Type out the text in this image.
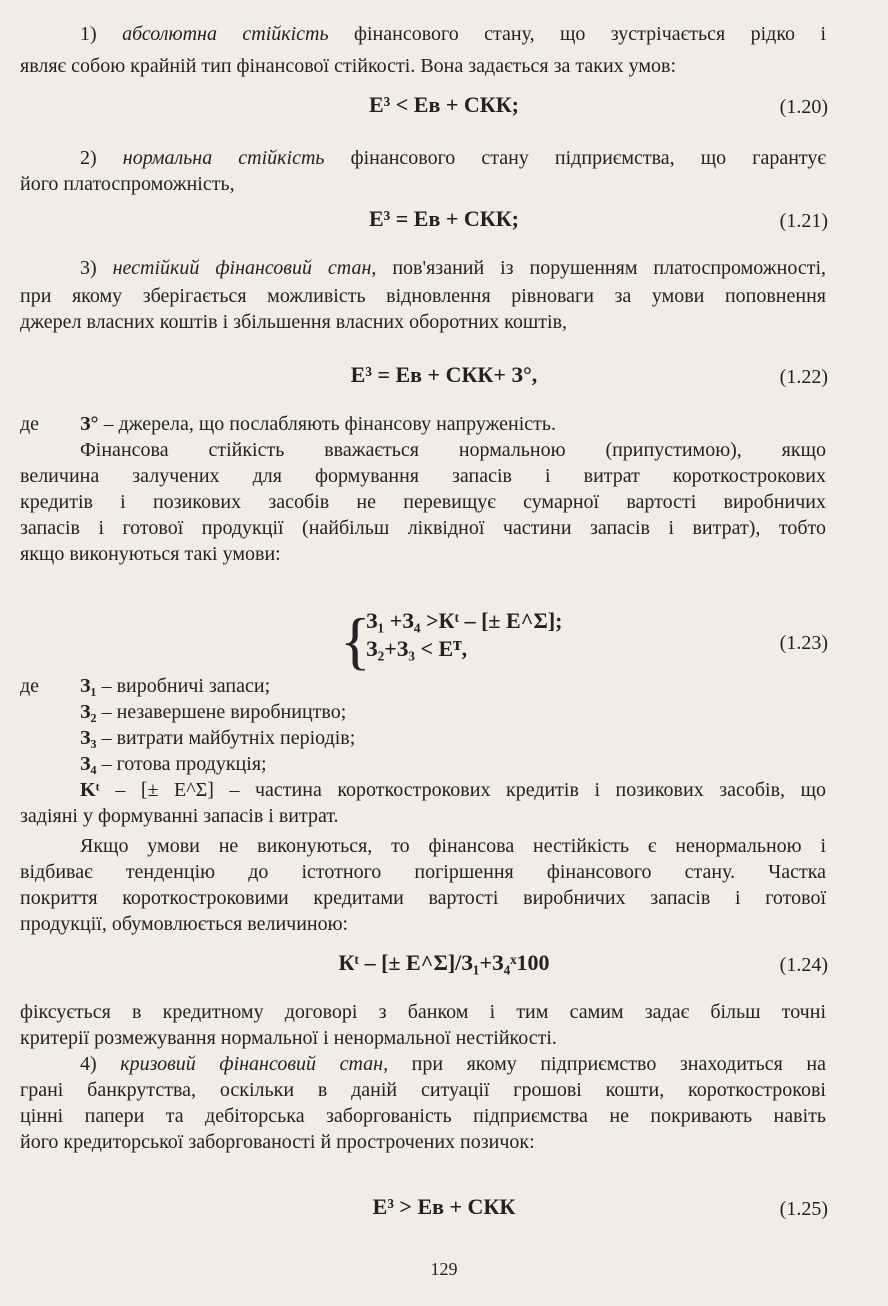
1) абсолютна стійкість фінансового стану, що зустрічається рідко і
являє собою крайній тип фінансової стійкості. Вона задається за таких умов:
Е³ < Ев + СКК;	(1.20)
2) нормальна стійкість фінансового стану підприємства, що гарантує
його платоспроможність,
Е³ = Ев + СКК;	(1.21)
3) нестійкий фінансовий стан, пов'язаний із порушенням платоспроможності,
при якому зберігається можливість відновлення рівноваги за умови поповнення
джерел власних коштів і збільшення власних оборотних коштів,
Е³ = Ев + СКК+ З°,	(1.22)
де	З° – джерела, що послабляють фінансову напруженість.
Фінансова стійкість вважається нормальною (припустимою), якщо
величина залучених для формування запасів і витрат короткострокових
кредитів і позикових засобів не перевищує сумарної вартості виробничих
запасів і готової продукції (найбільш ліквідної частини запасів і витрат), тобто
якщо виконуються такі умови:
{
З₁ +З₄ >Кᵗ – [± E^Σ];
З₂+З₃ < Eᵀ,	(1.23)
де	З₁ – виробничі запаси;
З₂ – незавершене виробництво;
З₃ – витрати майбутніх періодів;
З₄ – готова продукція;
Kᵗ – [± E^Σ] – частина короткострокових кредитів і позикових засобів, що
задіяні у формуванні запасів і витрат.
Якщо умови не виконуються, то фінансова нестійкість є ненормальною і
відбиває тенденцію до істотного погіршення фінансового стану. Частка
покриття короткостроковими кредитами вартості виробничих запасів і готової
продукції, обумовлюється величиною:
Кᵗ – [± E^Σ]/З₁+З₄ˣ100	(1.24)
фіксується в кредитному договорі з банком і тим самим задає більш точні
критерії розмежування нормальної і ненормальної нестійкості.
4) кризовий фінансовий стан, при якому підприємство знаходиться на
грані банкрутства, оскільки в даній ситуації грошові кошти, короткострокові
цінні папери та дебіторська заборгованість підприємства не покривають навіть
його кредиторської заборгованості й прострочених позичок:
Е³ > Ев + СКК	(1.25)
129
